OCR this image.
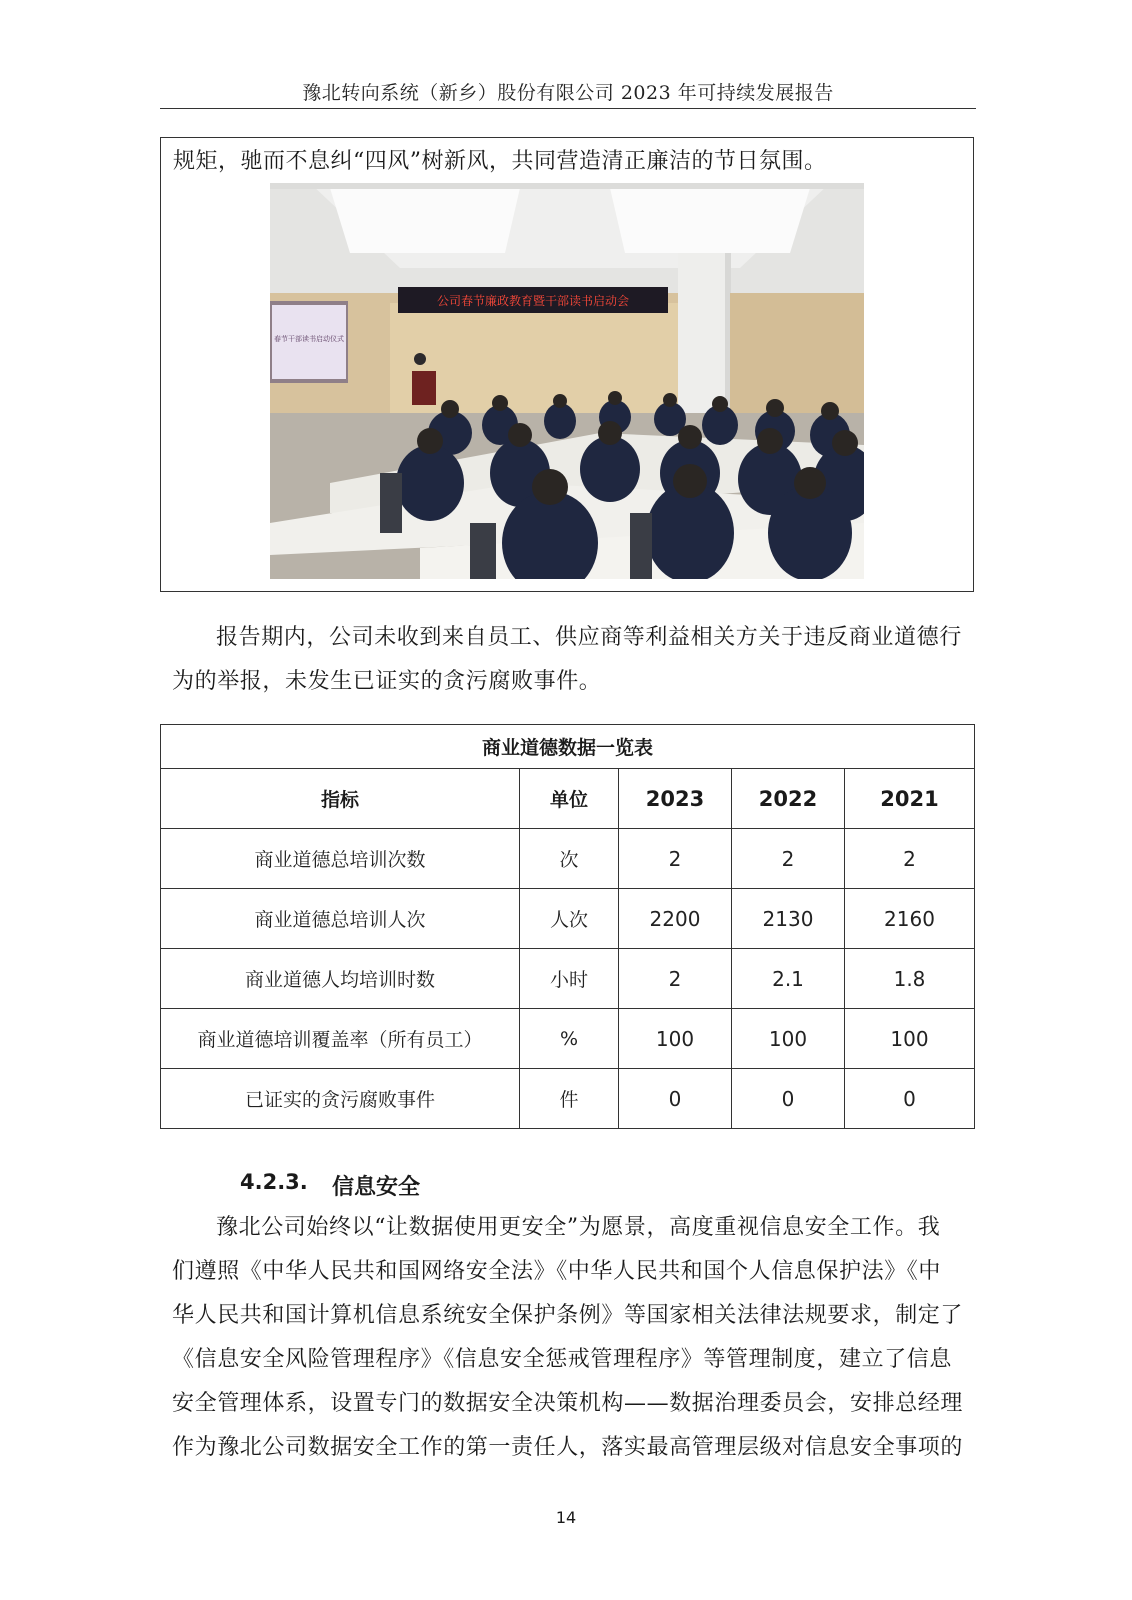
豫北转向系统（新乡）股份有限公司 2023 年可持续发展报告
规矩，驰而不息纠“四风”树新风，共同营造清正廉洁的节日氛围。
春节干部读书启动仪式
公司春节廉政教育暨干部读书启动会
报告期内，公司未收到来自员工、供应商等利益相关方关于违反商业道德行
为的举报，未发生已证实的贪污腐败事件。
商业道德数据一览表				
指标	单位	2023	2022	2021
商业道德总培训次数	次	2	2	2
商业道德总培训人次	人次	2200	2130	2160
商业道德人均培训时数	小时	2	2.1	1.8
商业道德培训覆盖率（所有员工）	%	100	100	100
已证实的贪污腐败事件	件	0	0	0
4.2.3. 信息安全
豫北公司始终以“让数据使用更安全”为愿景，高度重视信息安全工作。我
们遵照《中华人民共和国网络安全法》《中华人民共和国个人信息保护法》《中
华人民共和国计算机信息系统安全保护条例》等国家相关法律法规要求，制定了
《信息安全风险管理程序》《信息安全惩戒管理程序》等管理制度，建立了信息
安全管理体系，设置专门的数据安全决策机构——数据治理委员会，安排总经理
作为豫北公司数据安全工作的第一责任人，落实最高管理层级对信息安全事项的
14
